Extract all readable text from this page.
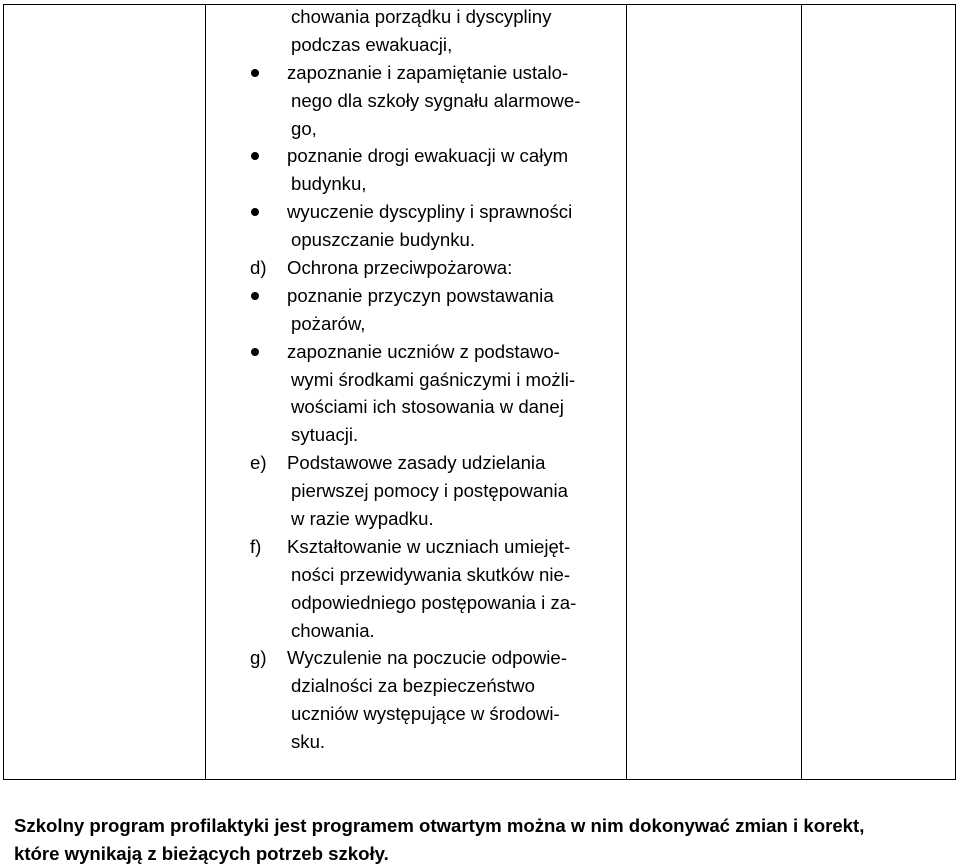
chowania porządku i dyscypliny
podczas ewakuacji,
zapoznanie i zapamiętanie ustalo-
nego dla szkoły sygnału alarmowe-
go,
poznanie drogi ewakuacji w całym
budynku,
wyuczenie dyscypliny i sprawności
opuszczanie budynku.
d) Ochrona przeciwpożarowa:
poznanie przyczyn powstawania
pożarów,
zapoznanie uczniów z podstawo-
wymi środkami gaśniczymi i możli-
wościami ich stosowania w danej
sytuacji.
e) Podstawowe zasady udzielania
pierwszej pomocy i postępowania
w razie wypadku.
f) Kształtowanie w uczniach umiejęt-
ności przewidywania skutków nie-
odpowiedniego postępowania i za-
chowania.
g) Wyczulenie na poczucie odpowie-
dzialności za bezpieczeństwo
uczniów występujące w środowi-
sku.
Szkolny program profilaktyki jest programem otwartym można w nim dokonywać zmian i korekt,
które wynikają z bieżących potrzeb szkoły.
